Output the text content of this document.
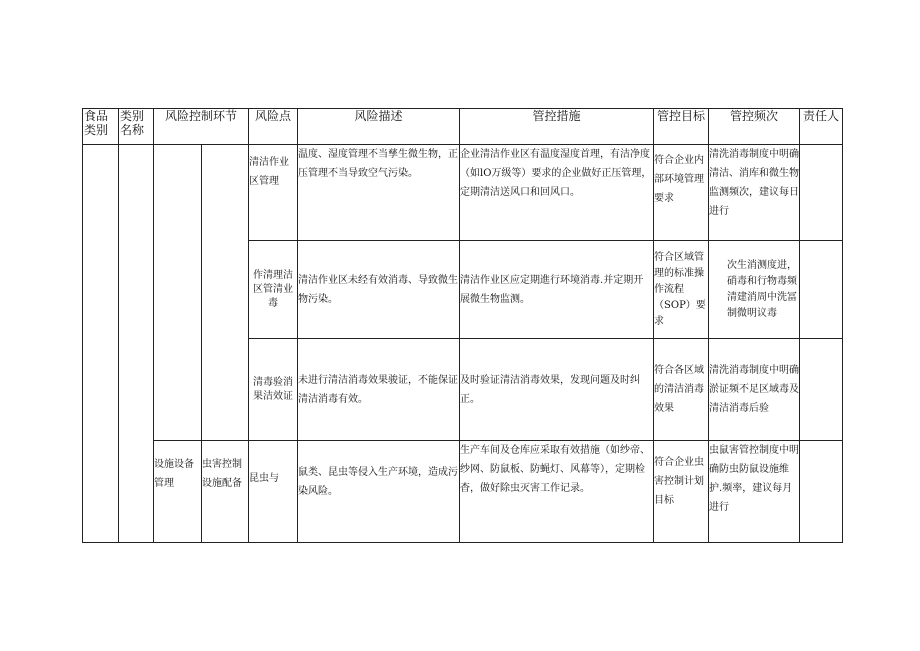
食品类别	类别名称	风险控制环节		风险点	风险描述	管控措施	管控目标	管控频次	责任人

				清洁作业区管理	温度、湿度管理不当孳生微生物，正压管理不当导致空气污染。	企业清洁作业区有温度湿度首理，有洁净度（如lO万级等）要求的企业做好正压管理，定期清洁送风口和回风口。	符合企业内部环境管理要求	清洗消毒制度中明确清洁、消库和微生物监测频次，建议每日进行	

				作清理洁区管清业毒	清洁作业区未经有效消毒、导致微生物污染。	清洁作业区应定期進行环境消毒.并定期开展微生物监测。	符合区域管理的标准操作流程（SOP）要求	次生消测度进，硝毒和行物毒频清建消周中洗冨制微明议毒	

				清毒验消果洁效证	未进行清洁消毒效果骏证，不能保证清洁消毒有效。	及时验证清洁消毒效果，发现问题及时纠正。	符合各区域的清洁消毒效果	清洗消毒制度中明确淤证频不足区域毒及清洁消毒后验	

		设施设备管理	虫害控制设施配备	昆虫与	鼠类、昆虫等侵入生产环境，造成污染风险。	生产车间及仓库应采取有效措施（如纱帝、纱网、防鼠板、防蝇灯、风幕等），定期检杳，做好除虫灭害工作记录。	符合企业虫害控制计划目标	虫鼠害管控制度中明确防虫防鼠设施维护.频率，建议每月进行	
